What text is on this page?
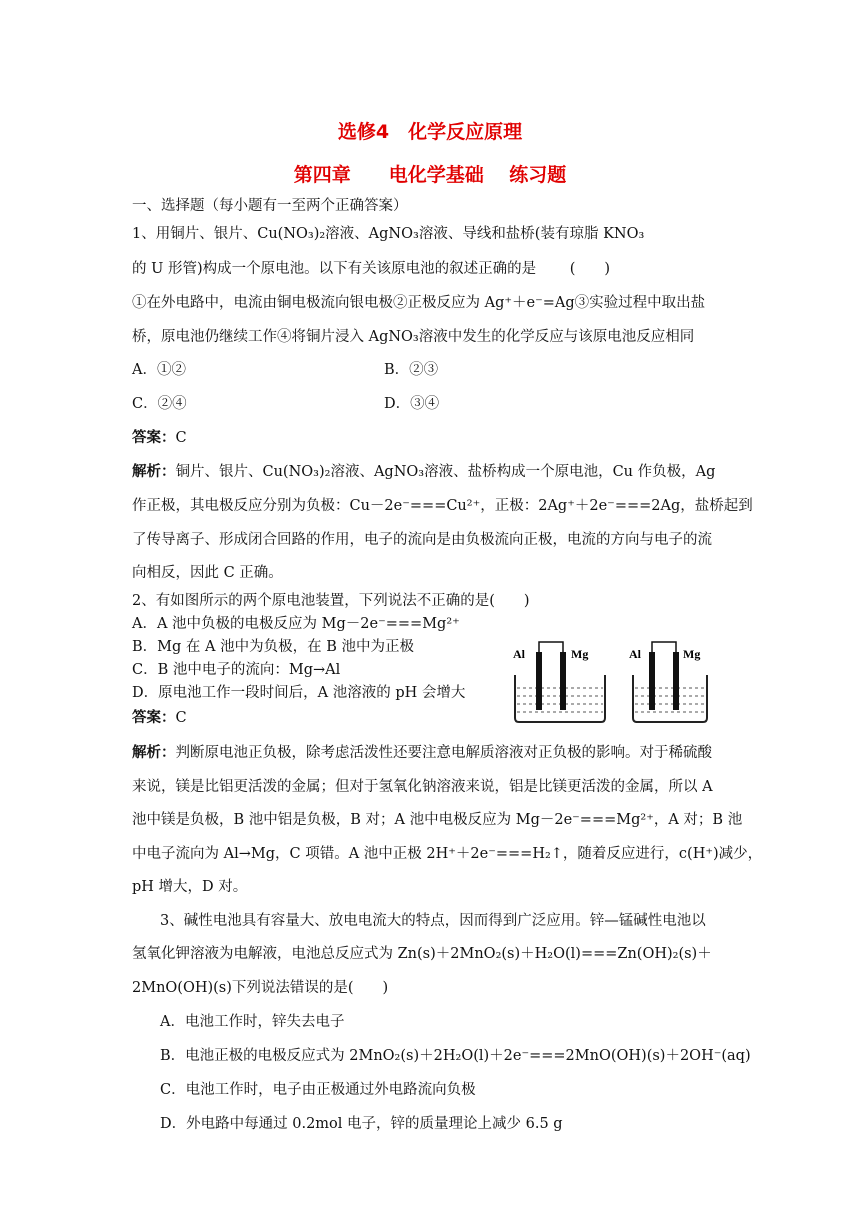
选修4　化学反应原理
第四章　　电化学基础　 练习题
一、选择题（每小题有一至两个正确答案）
1、用铜片、银片、Cu(NO₃)₂溶液、AgNO₃溶液、导线和盐桥(装有琼脂 KNO₃
的 U 形管)构成一个原电池。以下有关该原电池的叙述正确的是　　 (　　)
①在外电路中，电流由铜电极流向银电极②正极反应为 Ag⁺＋e⁻=Ag③实验过程中取出盐
桥，原电池仍继续工作④将铜片浸入 AgNO₃溶液中发生的化学反应与该原电池反应相同
A．①②	B．②③
C．②④	D．③④
答案：C
解析：铜片、银片、Cu(NO₃)₂溶液、AgNO₃溶液、盐桥构成一个原电池，Cu 作负极，Ag
作正极，其电极反应分别为负极：Cu－2e⁻===Cu²⁺，正极：2Ag⁺＋2e⁻===2Ag，盐桥起到
了传导离子、形成闭合回路的作用，电子的流向是由负极流向正极，电流的方向与电子的流
向相反，因此 C 正确。
2、有如图所示的两个原电池装置，下列说法不正确的是(　　)
A．A 池中负极的电极反应为 Mg－2e⁻===Mg²⁺
B．Mg 在 A 池中为负极，在 B 池中为正极
C．B 池中电子的流向：Mg→Al
D．原电池工作一段时间后，A 池溶液的 pH 会增大
答案：C
Al	Mg	Al	Mg
解析：判断原电池正负极，除考虑活泼性还要注意电解质溶液对正负极的影响。对于稀硫酸
来说，镁是比铝更活泼的金属；但对于氢氧化钠溶液来说，铝是比镁更活泼的金属，所以 A
池中镁是负极，B 池中铝是负极，B 对；A 池中电极反应为 Mg－2e⁻===Mg²⁺，A 对；B 池
中电子流向为 Al→Mg，C 项错。A 池中正极 2H⁺＋2e⁻===H₂↑，随着反应进行，c(H⁺)减少，
pH 增大，D 对。
3、碱性电池具有容量大、放电电流大的特点，因而得到广泛应用。锌—锰碱性电池以
氢氧化钾溶液为电解液，电池总反应式为 Zn(s)＋2MnO₂(s)＋H₂O(l)===Zn(OH)₂(s)＋
2MnO(OH)(s)下列说法错误的是(　　)
A．电池工作时，锌失去电子
B．电池正极的电极反应式为 2MnO₂(s)＋2H₂O(l)＋2e⁻===2MnO(OH)(s)＋2OH⁻(aq)
C．电池工作时，电子由正极通过外电路流向负极
D．外电路中每通过 0.2mol 电子，锌的质量理论上减少 6.5 g
